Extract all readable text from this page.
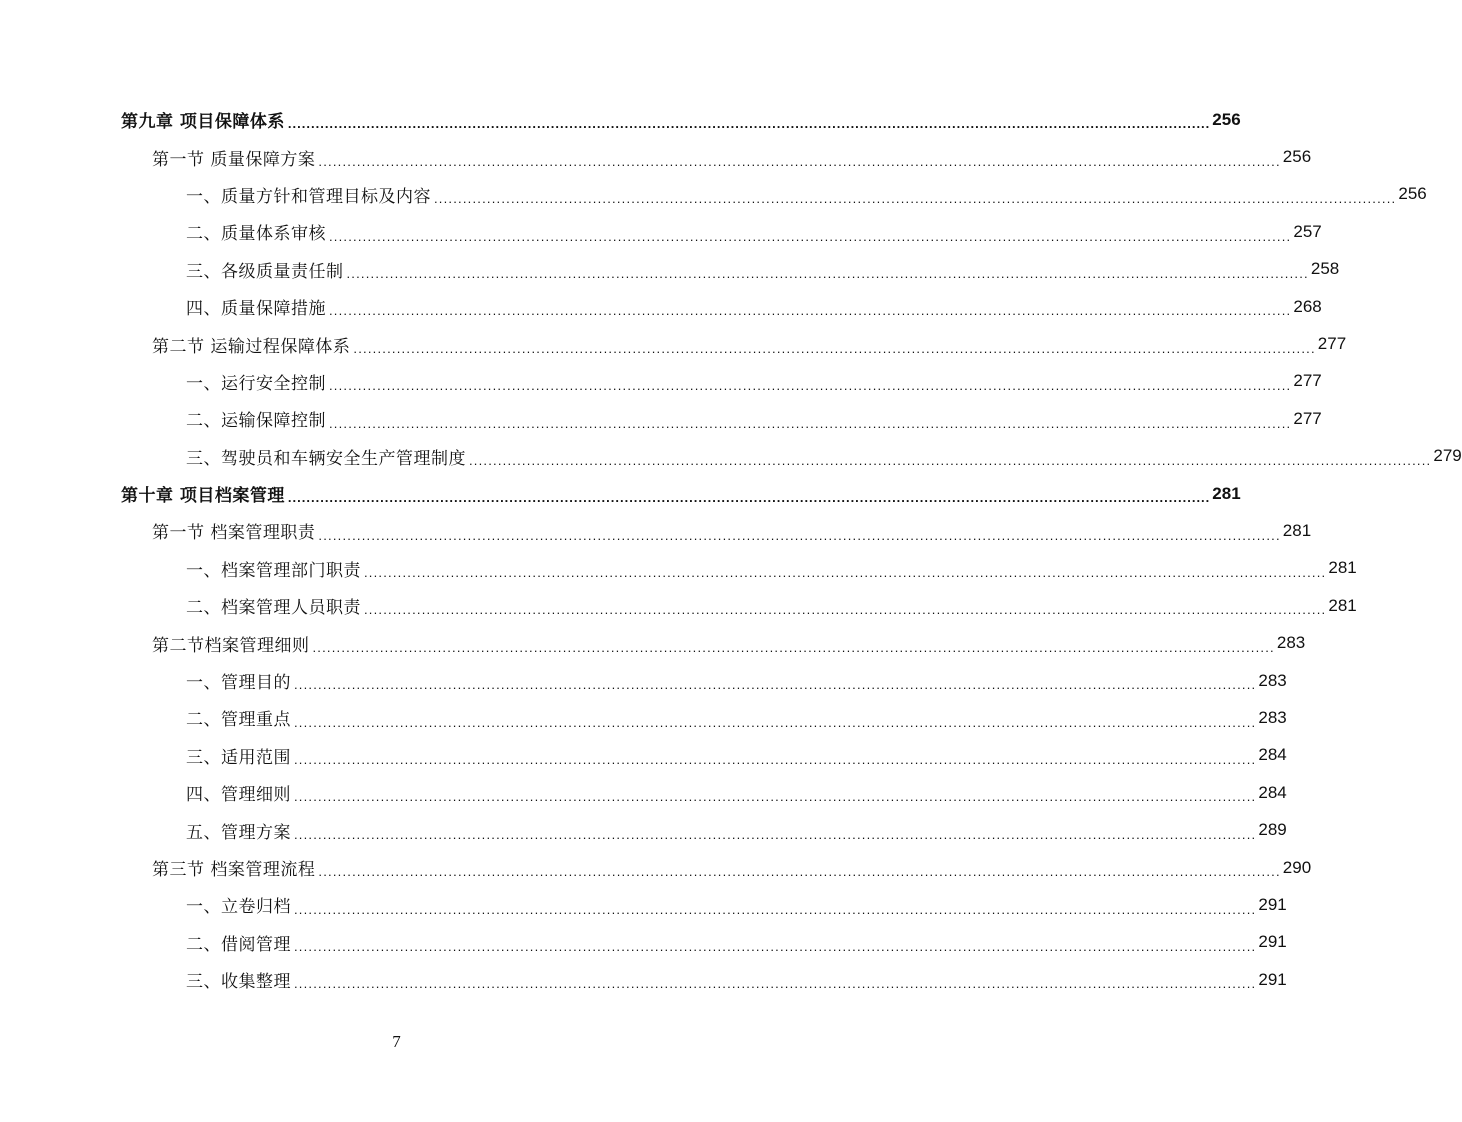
第九章 项目保障体系 ........................................................................................................................................................................................................ 256
第一节 质量保障方案 ........................................................................................................................................................................................................ 256
一、质量方针和管理目标及内容 ........................................................................................................................................................................................................ 256
二、质量体系审核 ........................................................................................................................................................................................................ 257
三、各级质量责任制 ........................................................................................................................................................................................................ 258
四、质量保障措施 ........................................................................................................................................................................................................ 268
第二节 运输过程保障体系 ........................................................................................................................................................................................................ 277
一、运行安全控制 ........................................................................................................................................................................................................ 277
二、运输保障控制 ........................................................................................................................................................................................................ 277
三、驾驶员和车辆安全生产管理制度 ........................................................................................................................................................................................................ 279
第十章 项目档案管理 ........................................................................................................................................................................................................ 281
第一节 档案管理职责 ........................................................................................................................................................................................................ 281
一、档案管理部门职责 ........................................................................................................................................................................................................ 281
二、档案管理人员职责 ........................................................................................................................................................................................................ 281
第二节档案管理细则 ........................................................................................................................................................................................................ 283
一、管理目的 ........................................................................................................................................................................................................ 283
二、管理重点 ........................................................................................................................................................................................................ 283
三、适用范围 ........................................................................................................................................................................................................ 284
四、管理细则 ........................................................................................................................................................................................................ 284
五、管理方案 ........................................................................................................................................................................................................ 289
第三节 档案管理流程 ........................................................................................................................................................................................................ 290
一、立卷归档 ........................................................................................................................................................................................................ 291
二、借阅管理 ........................................................................................................................................................................................................ 291
三、收集整理 ........................................................................................................................................................................................................ 291
7
